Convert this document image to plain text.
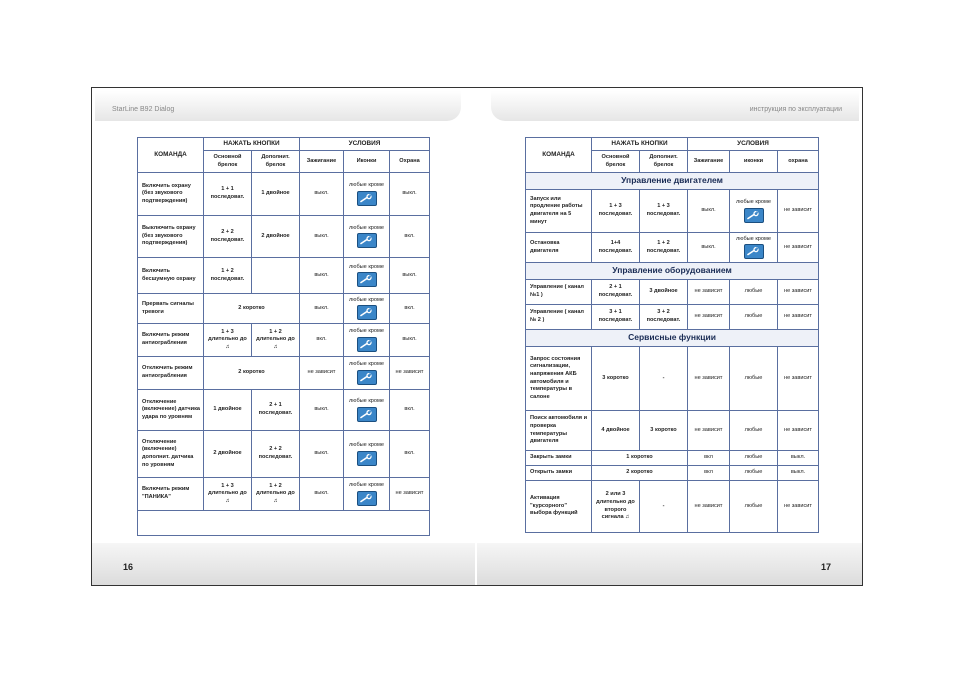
StarLine B92 Dialog
КОМАНДА	НАЖАТЬ КНОПКИ		УСЛОВИЯ		
	Основной брелок	Дополнит. брелок	Зажигание	Иконки	Охрана
Включить охрану (без звукового подтверждения)	1 + 1 последоват.	1 двойное	выкл.	любые кроме	выкл.
Выключить охрану (без звукового подтверждения)	2 + 2 последоват.	2 двойное	выкл.	любые кроме	вкл.
Включить бесшумную охрану	1 + 2 последоват.		выкл.	любые кроме	выкл.
Прервать сигналы тревоги	2 коротко		выкл.	любые кроме	вкл.
Включить режим антиограбления	1 + 3 длительно до ♫	1 + 2 длительно до ♫	вкл.	любые кроме	выкл.
Отключить режим антиограбления	2 коротко		не зависит	любые кроме	не зависит
Отключение (включение) датчика удара по уровням	1 двойное	2 + 1 последоват.	выкл.	любые кроме	вкл.
Отключение (включение) дополнит. датчика по уровням	2 двойное	2 + 2 последоват.	выкл.	любые кроме	вкл.
Включить режим "ПАНИКА"	1 + 3 длительно до ♫	1 + 2 длительно до ♫	выкл.	любые кроме	не зависит

16
инструкция по эксплуатации
КОМАНДА	НАЖАТЬ КНОПКИ		УСЛОВИЯ		
	Основной брелок	Дополнит. брелок	Зажигание	иконки	охрана
Управление двигателем					
Запуск или продление работы двигателя на 5 минут	1 + 3 последоват.	1 + 3 последоват.	выкл.	любые кроме	не зависит
Остановка двигателя	1+4 последоват.	1 + 2 последоват.	выкл.	любые кроме	не зависит
Управление оборудованием					
Управление ( канал №1 )	2 + 1 последоват.	3 двойное	не зависит	любые	не зависит
Управление ( канал № 2 )	3 + 1 последоват.	3 + 2 последоват.	не зависит	любые	не зависит
Сервисные функции					
Запрос состояния сигнализации, напряжения АКБ автомобиля и температуры в салоне	3 коротко	-	не зависит	любые	не зависит
Поиск автомобиля и проверка температуры двигателя	4 двойное	3 коротко	не зависит	любые	не зависит
Закрыть замки	1 коротко		вкл	любые	выкл.
Открыть замки	2 коротко		вкл	любые	выкл.
Активация "курсорного" выбора функций	2 или 3 длительно до второго сигнала ♫	-	не зависит	любые	не зависит
17
